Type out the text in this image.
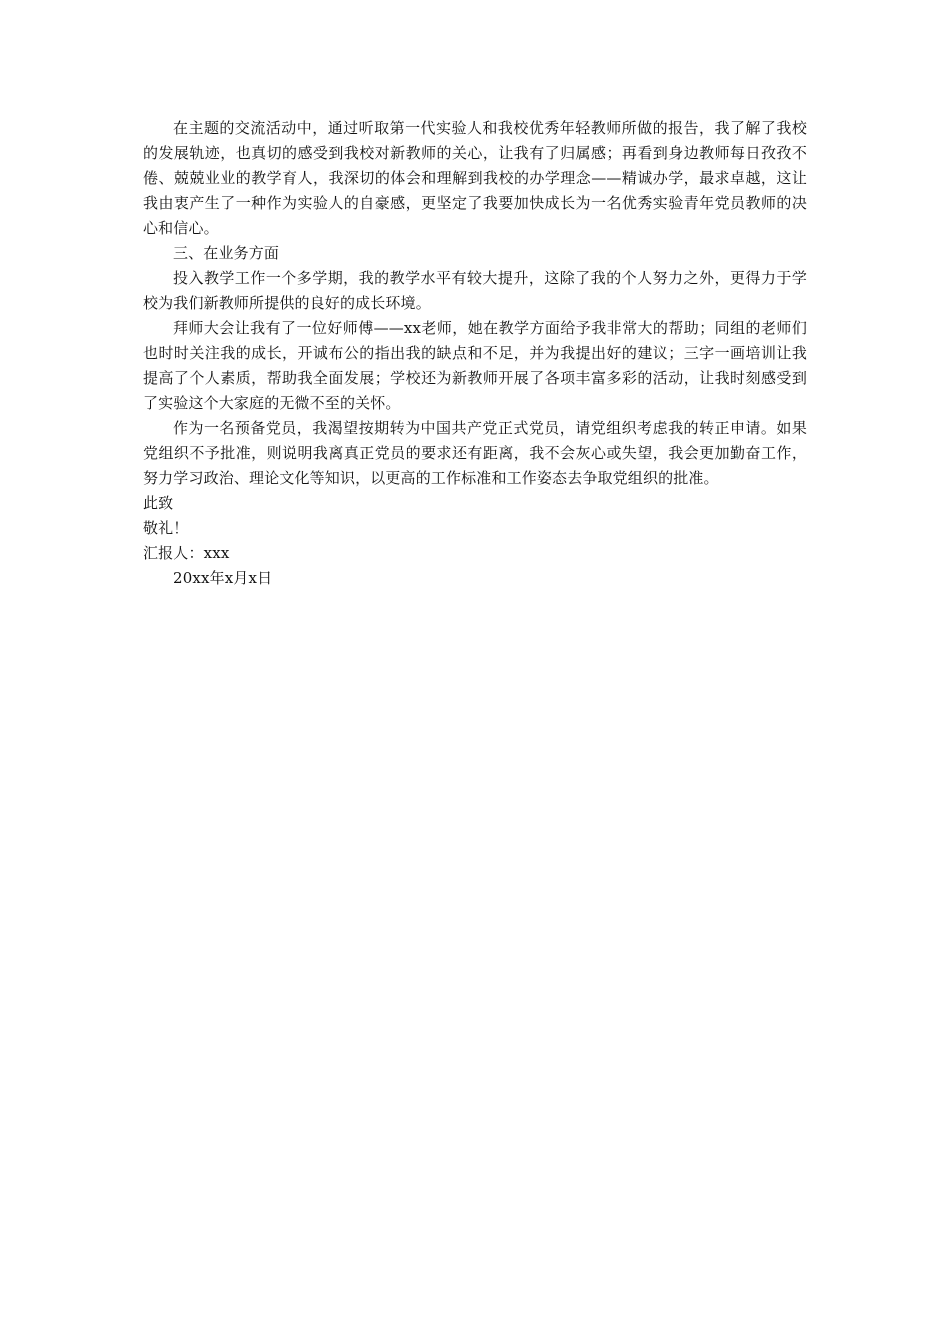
在主题的交流活动中，通过听取第一代实验人和我校优秀年轻教师所做的报告，我了解了我校的发展轨迹，也真切的感受到我校对新教师的关心，让我有了归属感；再看到身边教师每日孜孜不倦、兢兢业业的教学育人，我深切的体会和理解到我校的办学理念——精诚办学，最求卓越，这让我由衷产生了一种作为实验人的自豪感，更坚定了我要加快成长为一名优秀实验青年党员教师的决心和信心。

三、在业务方面

投入教学工作一个多学期，我的教学水平有较大提升，这除了我的个人努力之外，更得力于学校为我们新教师所提供的良好的成长环境。

拜师大会让我有了一位好师傅——xx老师，她在教学方面给予我非常大的帮助；同组的老师们也时时关注我的成长，开诚布公的指出我的缺点和不足，并为我提出好的建议；三字一画培训让我提高了个人素质，帮助我全面发展；学校还为新教师开展了各项丰富多彩的活动，让我时刻感受到了实验这个大家庭的无微不至的关怀。

作为一名预备党员，我渴望按期转为中国共产党正式党员，请党组织考虑我的转正申请。如果党组织不予批准，则说明我离真正党员的要求还有距离，我不会灰心或失望，我会更加勤奋工作，努力学习政治、理论文化等知识，以更高的工作标准和工作姿态去争取党组织的批准。

此致

敬礼！

汇报人：xxx

20xx年x月x日
